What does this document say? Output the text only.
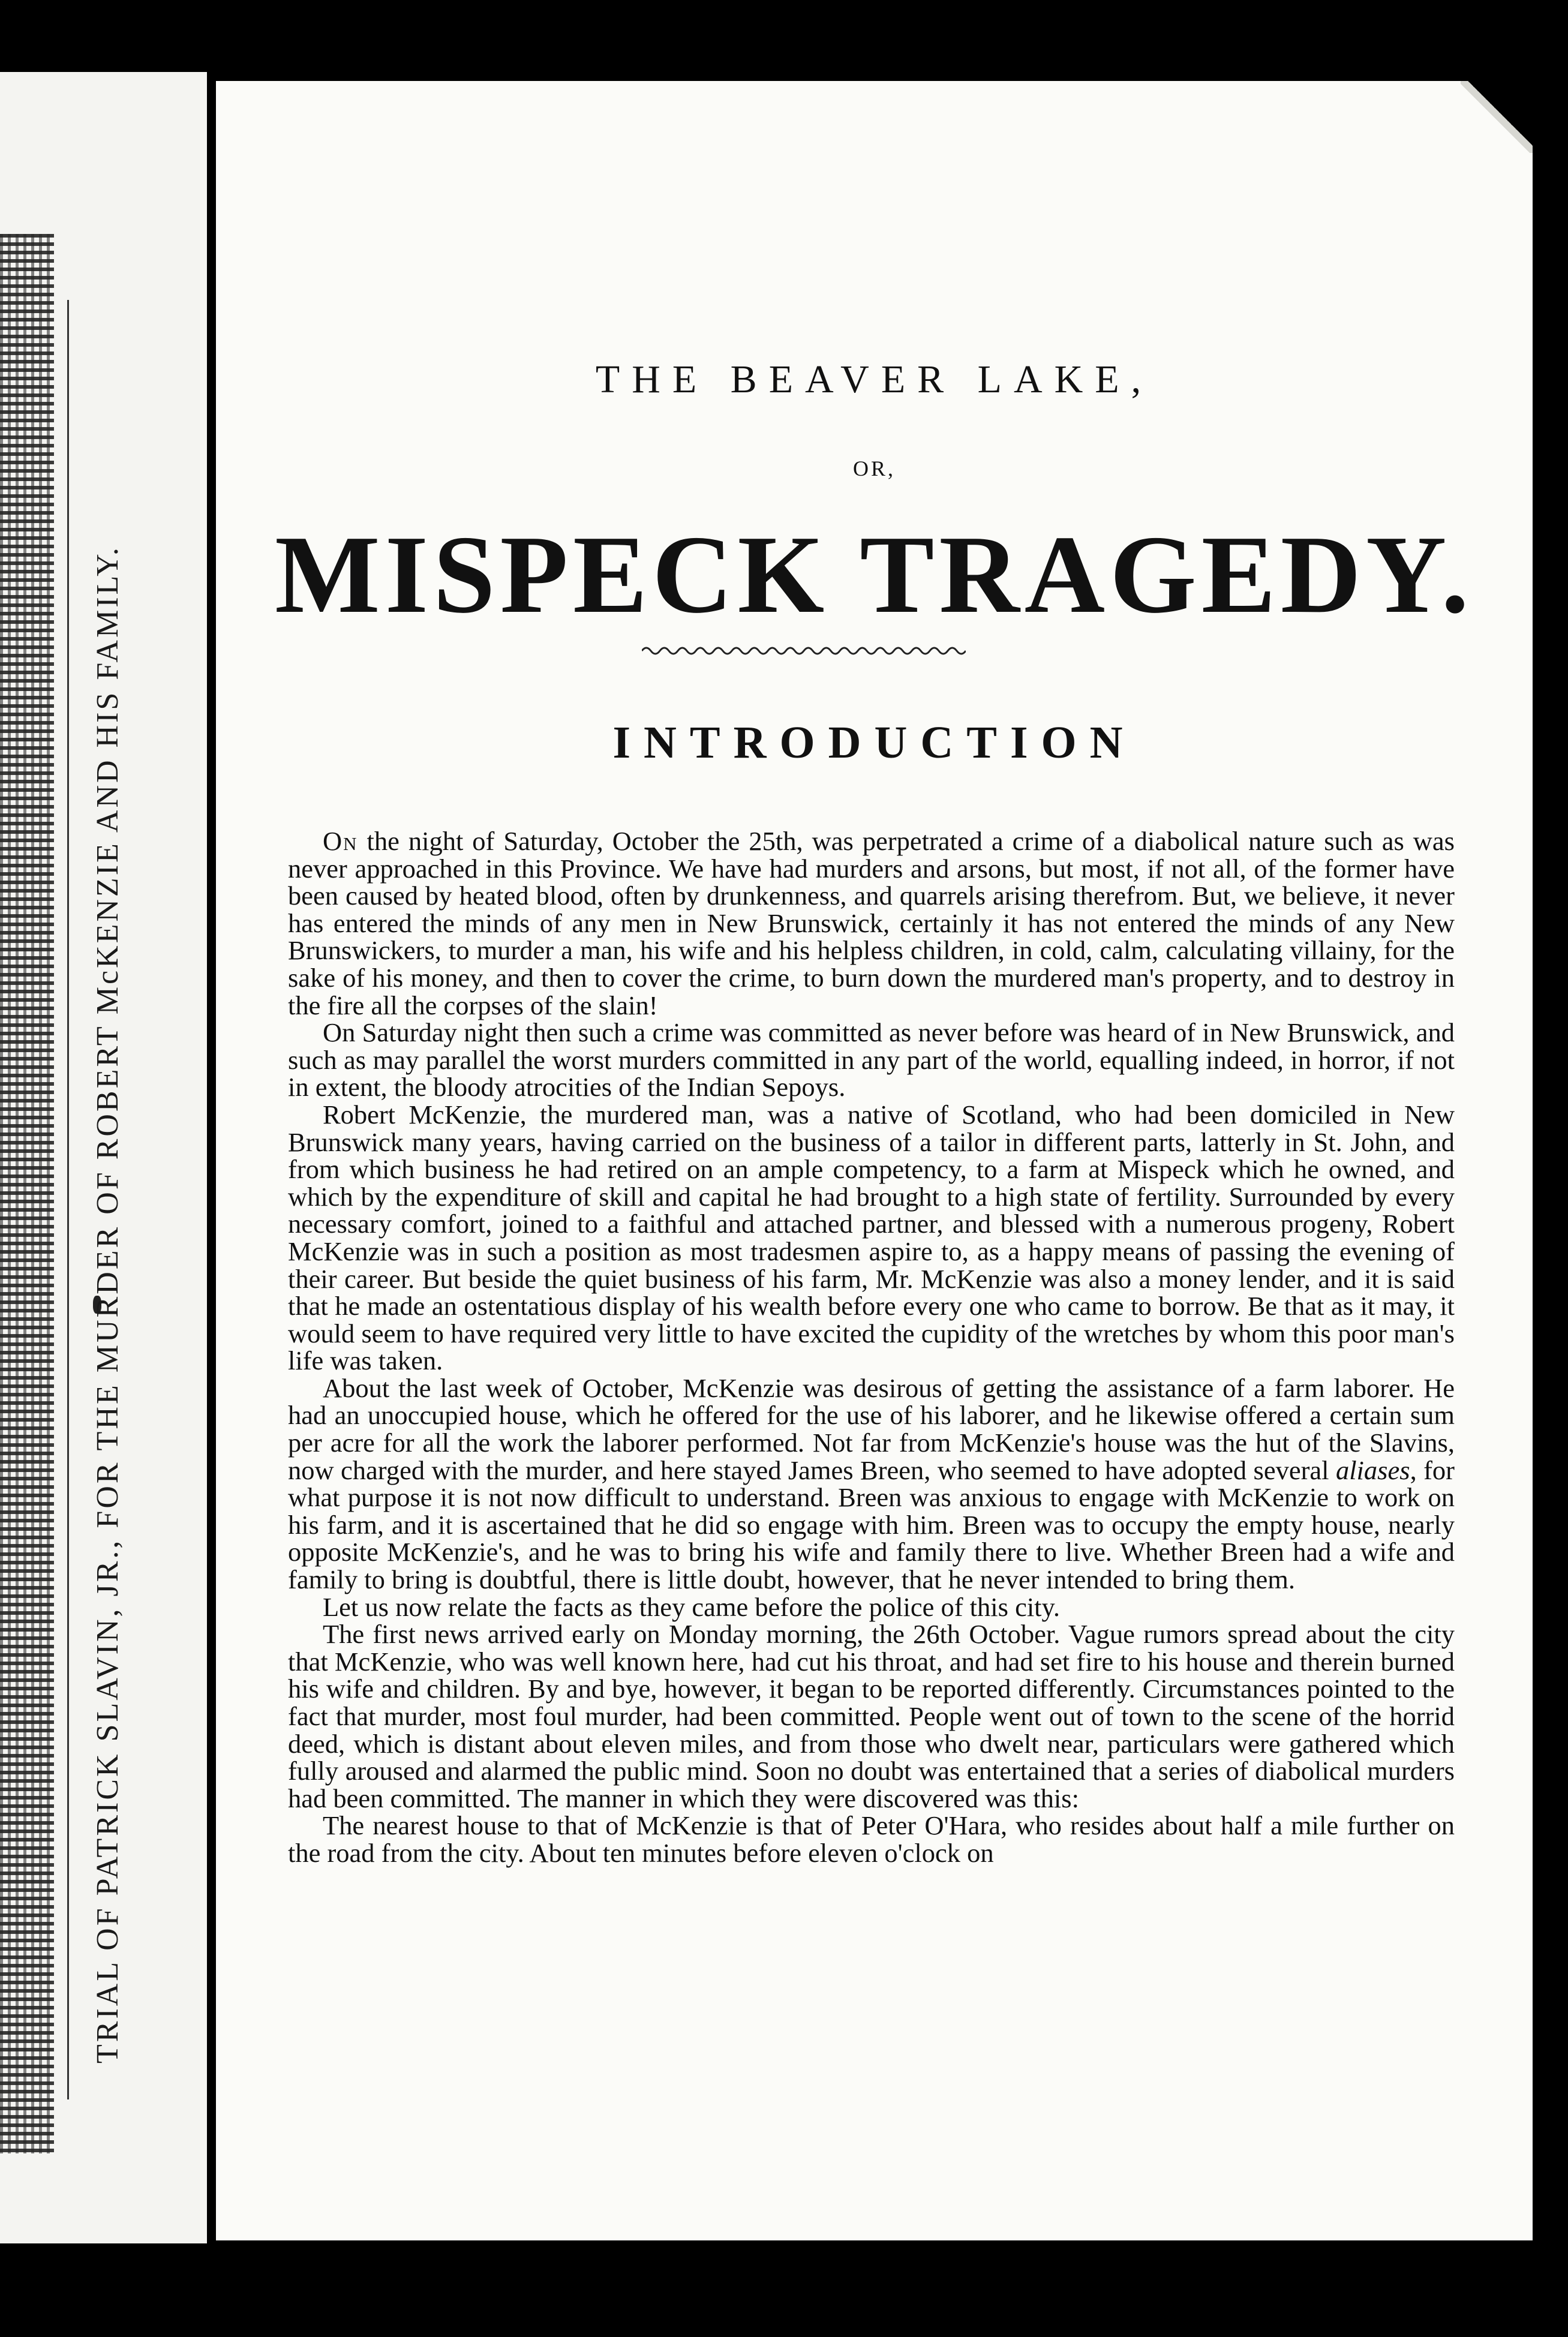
TRIAL OF PATRICK SLAVIN, JR., FOR THE MURDER OF ROBERT McKENZIE AND HIS FAMILY.
THE BEAVER LAKE,
OR,
MISPECK TRAGEDY.
INTRODUCTION

On the night of Saturday, October the 25th, was perpetrated a crime of a diabolical nature such as was never approached in this Province. We have had murders and arsons, but most, if not all, of the former have been caused by heated blood, often by drunkenness, and quarrels arising therefrom. But, we believe, it never has entered the minds of any men in New Brunswick, certainly it has not entered the minds of any New Brunswickers, to murder a man, his wife and his helpless children, in cold, calm, calculating villainy, for the sake of his money, and then to cover the crime, to burn down the murdered man's property, and to destroy in the fire all the corpses of the slain!

On Saturday night then such a crime was committed as never before was heard of in New Brunswick, and such as may parallel the worst murders committed in any part of the world, equalling indeed, in horror, if not in extent, the bloody atrocities of the Indian Sepoys.

Robert McKenzie, the murdered man, was a native of Scotland, who had been domiciled in New Brunswick many years, having carried on the business of a tailor in different parts, latterly in St. John, and from which business he had retired on an ample competency, to a farm at Mispeck which he owned, and which by the expenditure of skill and capital he had brought to a high state of fertility. Surrounded by every necessary comfort, joined to a faithful and attached partner, and blessed with a numerous progeny, Robert McKenzie was in such a position as most tradesmen aspire to, as a happy means of passing the evening of their career. But beside the quiet business of his farm, Mr. McKenzie was also a money lender, and it is said that he made an ostentatious display of his wealth before every one who came to borrow. Be that as it may, it would seem to have required very little to have excited the cupidity of the wretches by whom this poor man's life was taken.

About the last week of October, McKenzie was desirous of getting the assistance of a farm laborer. He had an unoccupied house, which he offered for the use of his laborer, and he likewise offered a certain sum per acre for all the work the laborer performed. Not far from McKenzie's house was the hut of the Slavins, now charged with the murder, and here stayed James Breen, who seemed to have adopted several aliases, for what purpose it is not now difficult to understand. Breen was anxious to engage with McKenzie to work on his farm, and it is ascertained that he did so engage with him. Breen was to occupy the empty house, nearly opposite McKenzie's, and he was to bring his wife and family there to live. Whether Breen had a wife and family to bring is doubtful, there is little doubt, however, that he never intended to bring them.

Let us now relate the facts as they came before the police of this city.

The first news arrived early on Monday morning, the 26th October. Vague rumors spread about the city that McKenzie, who was well known here, had cut his throat, and had set fire to his house and therein burned his wife and children. By and bye, however, it began to be reported differently. Circumstances pointed to the fact that murder, most foul murder, had been committed. People went out of town to the scene of the horrid deed, which is distant about eleven miles, and from those who dwelt near, particulars were gathered which fully aroused and alarmed the public mind. Soon no doubt was entertained that a series of diabolical murders had been committed. The manner in which they were discovered was this:

The nearest house to that of McKenzie is that of Peter O'Hara, who resides about half a mile further on the road from the city. About ten minutes before eleven o'clock on
